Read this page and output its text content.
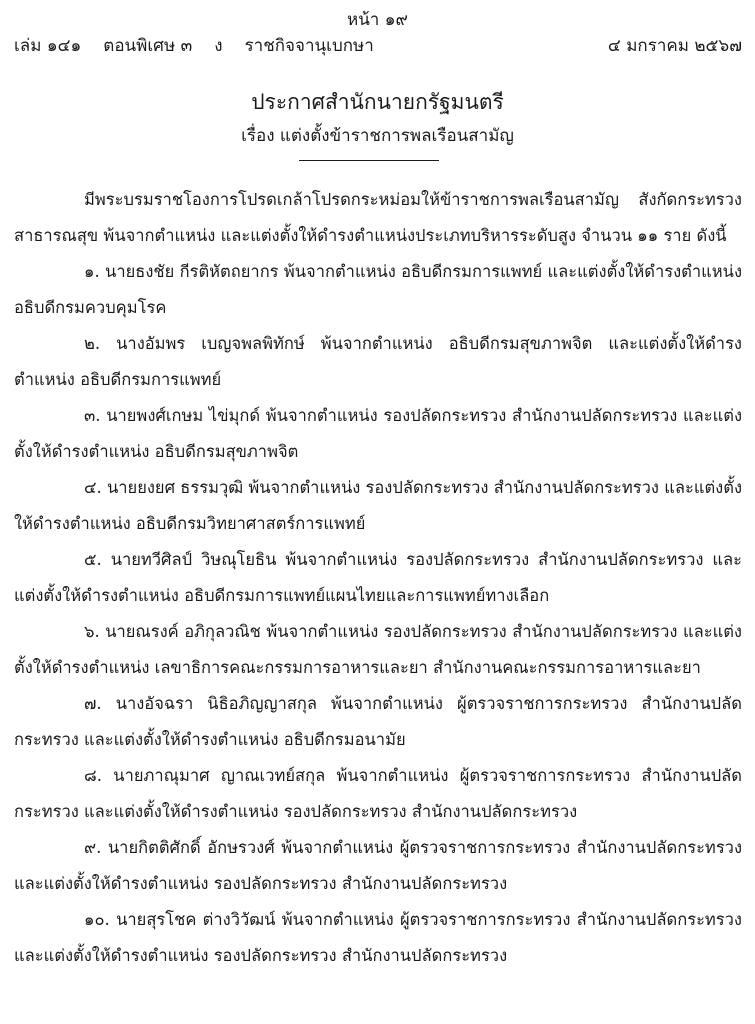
หน้า ๑๙
เล่ม ๑๔๑ ตอนพิเศษ ๓ ง ราชกิจจานุเบกษา	๔ มกราคม ๒๕๖๗
ประกาศสำนักนายกรัฐมนตรี
เรื่อง แต่งตั้งข้าราชการพลเรือนสามัญ

มีพระบรมราชโองการโปรดเกล้าโปรดกระหม่อมให้ข้าราชการพลเรือนสามัญ สังกัดกระทรวงสาธารณสุข พ้นจากตำแหน่ง และแต่งตั้งให้ดำรงตำแหน่งประเภทบริหารระดับสูง จำนวน ๑๑ ราย ดังนี้

๑. นายธงชัย กีรติหัตถยากร พ้นจากตำแหน่ง อธิบดีกรมการแพทย์ และแต่งตั้งให้ดำรงตำแหน่ง อธิบดีกรมควบคุมโรค

๒. นางอัมพร เบญจพลพิทักษ์ พ้นจากตำแหน่ง อธิบดีกรมสุขภาพจิต และแต่งตั้งให้ดำรงตำแหน่ง อธิบดีกรมการแพทย์

๓. นายพงศ์เกษม ไข่มุกด์ พ้นจากตำแหน่ง รองปลัดกระทรวง สำนักงานปลัดกระทรวง และแต่งตั้งให้ดำรงตำแหน่ง อธิบดีกรมสุขภาพจิต

๔. นายยงยศ ธรรมวุฒิ พ้นจากตำแหน่ง รองปลัดกระทรวง สำนักงานปลัดกระทรวง และแต่งตั้งให้ดำรงตำแหน่ง อธิบดีกรมวิทยาศาสตร์การแพทย์

๕. นายทวีศิลป์ วิษณุโยธิน พ้นจากตำแหน่ง รองปลัดกระทรวง สำนักงานปลัดกระทรวง และแต่งตั้งให้ดำรงตำแหน่ง อธิบดีกรมการแพทย์แผนไทยและการแพทย์ทางเลือก

๖. นายณรงค์ อภิกุลวณิช พ้นจากตำแหน่ง รองปลัดกระทรวง สำนักงานปลัดกระทรวง และแต่งตั้งให้ดำรงตำแหน่ง เลขาธิการคณะกรรมการอาหารและยา สำนักงานคณะกรรมการอาหารและยา

๗. นางอัจฉรา นิธิอภิญญาสกุล พ้นจากตำแหน่ง ผู้ตรวจราชการกระทรวง สำนักงานปลัดกระทรวง และแต่งตั้งให้ดำรงตำแหน่ง อธิบดีกรมอนามัย

๘. นายภาณุมาศ ญาณเวทย์สกุล พ้นจากตำแหน่ง ผู้ตรวจราชการกระทรวง สำนักงานปลัดกระทรวง และแต่งตั้งให้ดำรงตำแหน่ง รองปลัดกระทรวง สำนักงานปลัดกระทรวง

๙. นายกิตติศักดิ์ อักษรวงศ์ พ้นจากตำแหน่ง ผู้ตรวจราชการกระทรวง สำนักงานปลัดกระทรวง และแต่งตั้งให้ดำรงตำแหน่ง รองปลัดกระทรวง สำนักงานปลัดกระทรวง

๑๐. นายสุรโชค ต่างวิวัฒน์ พ้นจากตำแหน่ง ผู้ตรวจราชการกระทรวง สำนักงานปลัดกระทรวง และแต่งตั้งให้ดำรงตำแหน่ง รองปลัดกระทรวง สำนักงานปลัดกระทรวง
